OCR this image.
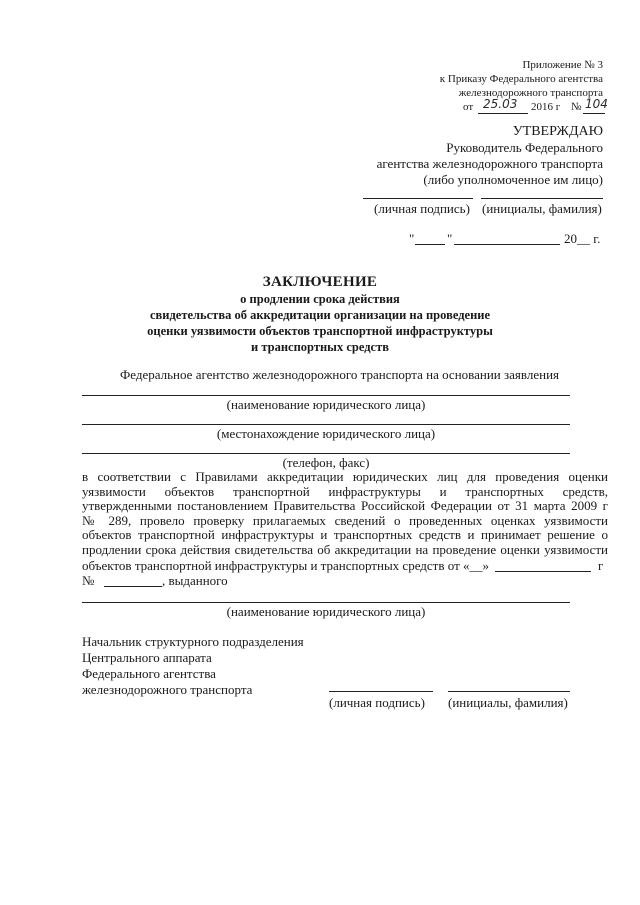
Приложение № 3
к Приказу Федерального агентства
железнодорожного транспорта
от 25.03 2016 г № 104
УТВЕРЖДАЮ
Руководитель Федерального
агентства железнодорожного транспорта
(либо уполномоченное им лицо)
(личная подпись) (инициалы, фамилия)
"	"	20__ г.
ЗАКЛЮЧЕНИЕ
о продлении срока действия
свидетельства об аккредитации организации на проведение
оценки уязвимости объектов транспортной инфраструктуры
и транспортных средств
Федеральное агентство железнодорожного транспорта на основании заявления
(наименование юридического лица)
(местонахождение юридического лица)
(телефон, факс)
в соответствии с Правилами аккредитации юридических лиц для проведения оценки
уязвимости объектов транспортной инфраструктуры и транспортных средств,
утвержденными постановлением Правительства Российской Федерации от 31 марта 2009 г
№ 289, провело проверку прилагаемых сведений о проведенных оценках уязвимости
объектов транспортной инфраструктуры и транспортных средств и принимает решение о
продлении срока действия свидетельства об аккредитации на проведение оценки уязвимости
объектов транспортной инфраструктуры и транспортных средств от «__»	г
№	, выданного
(наименование юридического лица)
Начальник структурного подразделения
Центрального аппарата
Федерального агентства
железнодорожного транспорта
(личная подпись) (инициалы, фамилия)
